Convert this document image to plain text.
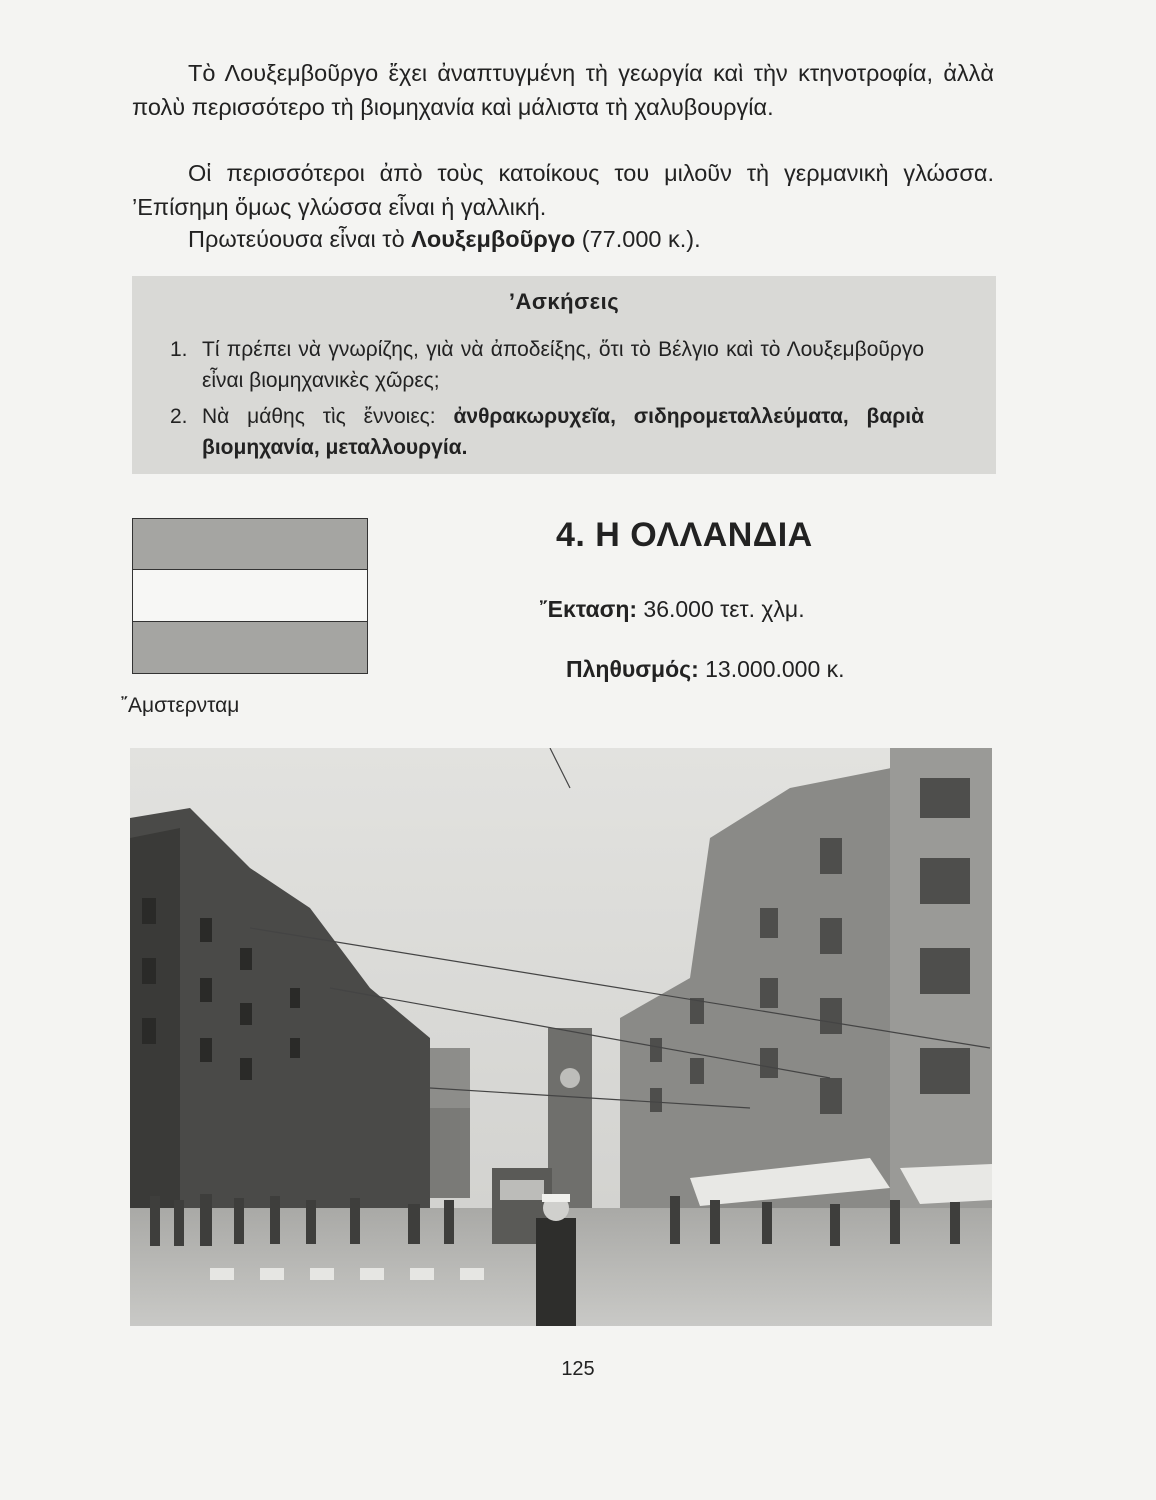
Τὸ Λουξεμβοῦργο ἔχει ἀναπτυγμένη τὴ γεωργία καὶ τὴν κτηνοτροφία, ἀλλὰ πολὺ περισσότερο τὴ βιομηχανία καὶ μάλιστα τὴ χαλυβουργία.

Οἱ περισσότεροι ἀπὸ τοὺς κατοίκους του μιλοῦν τὴ γερμανικὴ γλώσσα. ’Επίσημη ὅμως γλώσσα εἶναι ἡ γαλλική.

Πρωτεύουσα εἶναι τὸ Λουξεμβοῦργο (77.000 κ.).

’Ασκήσεις
1. Τί πρέπει νὰ γνωρίζης, γιὰ νὰ ἀποδείξης, ὅτι τὸ Βέλγιο καὶ τὸ Λουξεμβοῦργο εἶναι βιομηχανικὲς χῶρες;
2. Νὰ μάθης τὶς ἔννοιες: ἀνθρακωρυχεῖα, σιδηρομεταλλεύματα, βαριὰ βιομηχανία, μεταλλουργία.
῎Αμστερνταμ
4. Η ΟΛΛΑΝΔΙΑ
῎Εκταση: 36.000 τετ. χλμ.
Πληθυσμός: 13.000.000 κ.
125
